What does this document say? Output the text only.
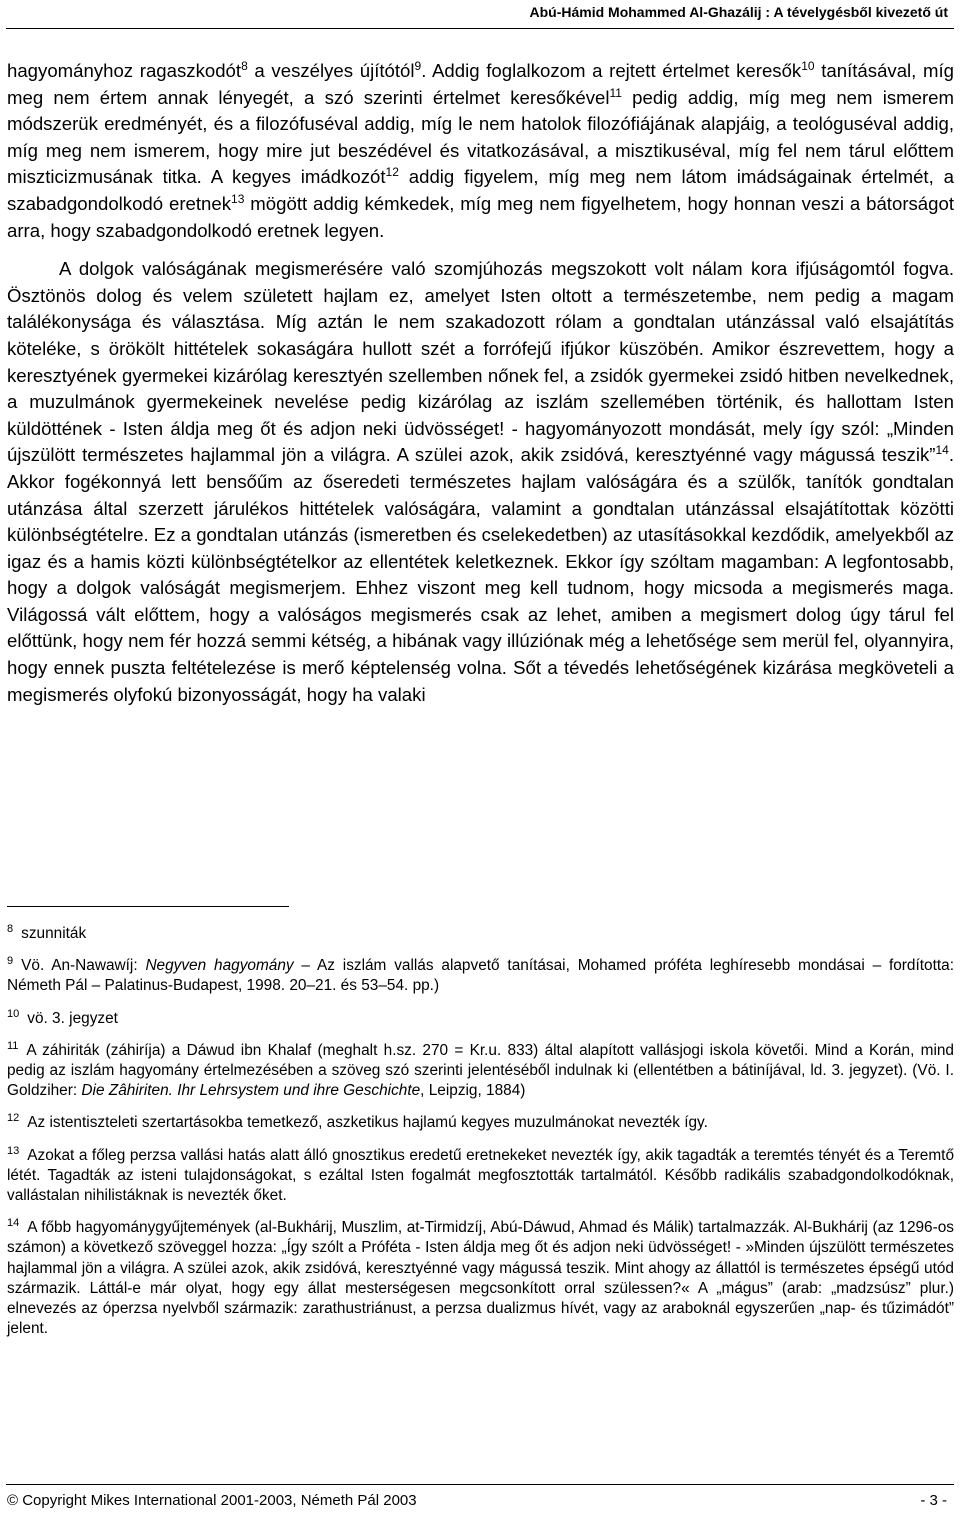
Abú-Hámid Mohammed Al-Ghazálij : A tévelygésből kivezető út

hagyományhoz ragaszkodót$^8$ a veszélyes újítótól$^9$. Addig foglalkozom a rejtett értelmet keresők$^{10}$ tanításával, míg meg nem értem annak lényegét, a szó szerinti értelmet keresőkével$^{11}$ pedig addig, míg meg nem ismerem módszerük eredményét, és a filozófuséval addig, míg le nem hatolok filozófiájának alapjáig, a teológuséval addig, míg meg nem ismerem, hogy mire jut beszédével és vitatkozásával, a misztikuséval, míg fel nem tárul előttem miszticizmusának titka. A kegyes imádkozót$^{12}$ addig figyelem, míg meg nem látom imádságainak értelmét, a szabadgondolkodó eretnek$^{13}$ mögött addig kémkedek, míg meg nem figyelhetem, hogy honnan veszi a bátorságot arra, hogy szabadgondolkodó eretnek legyen.

A dolgok valóságának megismerésére való szomjúhozás megszokott volt nálam kora ifjúságomtól fogva. Ösztönös dolog és velem született hajlam ez, amelyet Isten oltott a természetembe, nem pedig a magam találékonysága és választása. Míg aztán le nem szakadozott rólam a gondtalan utánzással való elsajátítás köteléke, s örökölt hittételek sokaságára hullott szét a forrófejű ifjúkor küszöbén. Amikor észrevettem, hogy a keresztyének gyermekei kizárólag keresztyén szellemben nőnek fel, a zsidók gyermekei zsidó hitben nevelkednek, a muzulmánok gyermekeinek nevelése pedig kizárólag az iszlám szellemében történik, és hallottam Isten küldöttének - Isten áldja meg őt és adjon neki üdvösséget! - hagyományozott mondását, mely így szól: „Minden újszülött természetes hajlammal jön a világra. A szülei azok, akik zsidóvá, keresztyénné vagy mágussá teszik”$^{14}$. Akkor fogékonnyá lett bensőűm az őseredeti természetes hajlam valóságára és a szülők, tanítók gondtalan utánzása által szerzett járulékos hittételek valóságára, valamint a gondtalan utánzással elsajátítottak közötti különbségtételre. Ez a gondtalan utánzás (ismeretben és cselekedetben) az utasításokkal kezdődik, amelyekből az igaz és a hamis közti különbségtételkor az ellentétek keletkeznek. Ekkor így szóltam magamban: A legfontosabb, hogy a dolgok valóságát megismerjem. Ehhez viszont meg kell tudnom, hogy micsoda a megismerés maga. Világossá vált előttem, hogy a valóságos megismerés csak az lehet, amiben a megismert dolog úgy tárul fel előttünk, hogy nem fér hozzá semmi kétség, a hibának vagy illúziónak még a lehetősége sem merül fel, olyannyira, hogy ennek puszta feltételezése is merő képtelenség volna. Sőt a tévedés lehetőségének kizárása megköveteli a megismerés olyfokú bizonyosságát, hogy ha valaki

$^8$ szunniták

$^9$ Vö. An-Nawawíj: Negyven hagyomány – Az iszlám vallás alapvető tanításai, Mohamed próféta leghíresebb mondásai – fordította: Németh Pál – Palatinus-Budapest, 1998. 20–21. és 53–54. pp.)

$^{10}$ vö. 3. jegyzet

$^{11}$ A záhiriták (záhiríja) a Dáwud ibn Khalaf (meghalt h.sz. 270 = Kr.u. 833) által alapított vallásjogi iskola követői. Mind a Korán, mind pedig az iszlám hagyomány értelmezésében a szöveg szó szerinti jelentéséből indulnak ki (ellentétben a bátiníjával, ld. 3. jegyzet). (Vö. I. Goldziher: Die Zâhiriten. Ihr Lehrsystem und ihre Geschichte, Leipzig, 1884)

$^{12}$ Az istentiszteleti szertartásokba temetkező, aszketikus hajlamú kegyes muzulmánokat nevezték így.

$^{13}$ Azokat a főleg perzsa vallási hatás alatt álló gnosztikus eredetű eretnekeket nevezték így, akik tagadták a teremtés tényét és a Teremtő létét. Tagadták az isteni tulajdonságokat, s ezáltal Isten fogalmát megfosztották tartalmától. Később radikális szabadgondolkodóknak, vallástalan nihilistáknak is nevezték őket.

$^{14}$ A főbb hagyománygyűjtemények (al-Bukhárij, Muszlim, at-Tirmidzíj, Abú-Dáwud, Ahmad és Málik) tartalmazzák. Al-Bukhárij (az 1296-os számon) a következő szöveggel hozza: „Így szólt a Próféta - Isten áldja meg őt és adjon neki üdvösséget! - »Minden újszülött természetes hajlammal jön a világra. A szülei azok, akik zsidóvá, keresztyénné vagy mágussá teszik. Mint ahogy az állattól is természetes épségű utód származik. Láttál-e már olyat, hogy egy állat mesterségesen megcsonkított orral szülessen?« A „mágus” (arab: „madzsúsz” plur.) elnevezés az óperzsa nyelvből származik: zarathustriánust, a perzsa dualizmus hívét, vagy az araboknál egyszerűen „nap- és tűzimádót” jelent.

© Copyright Mikes International 2001-2003, Németh Pál 2003	- 3 -
